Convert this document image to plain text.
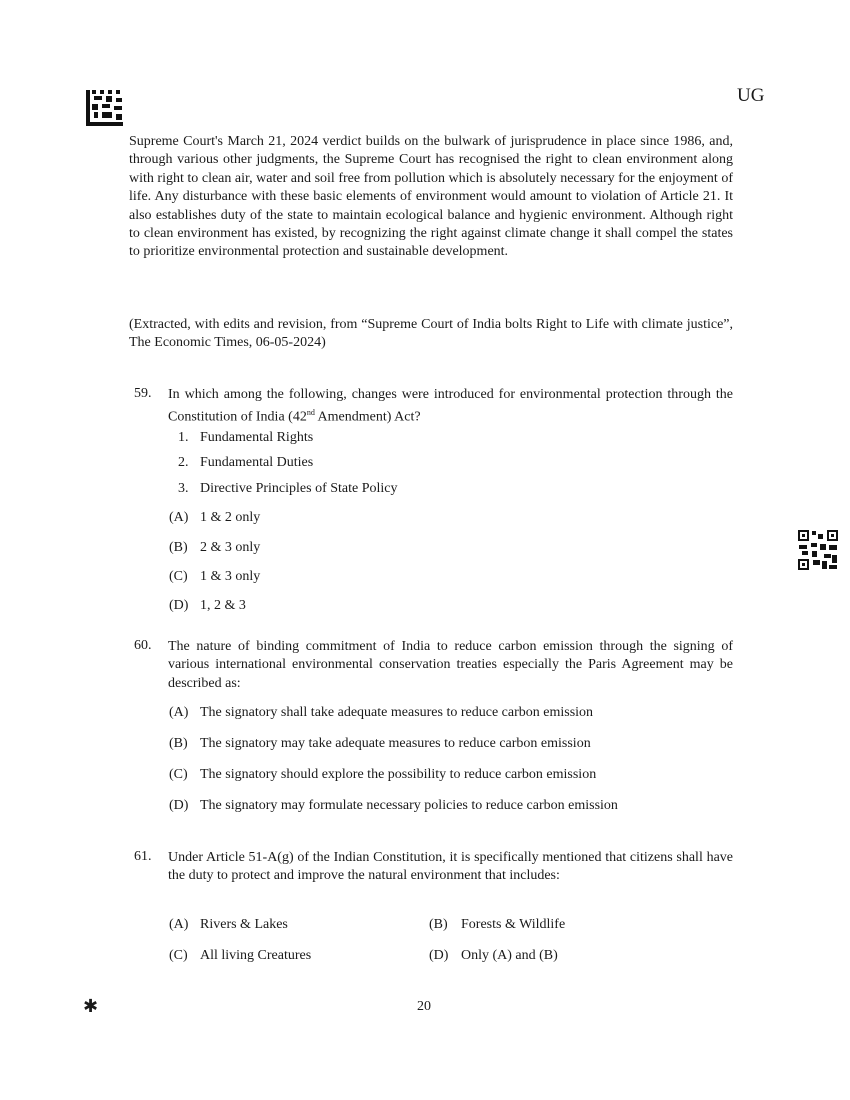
UG
Supreme Court's March 21, 2024 verdict builds on the bulwark of jurisprudence in place since 1986, and, through various other judgments, the Supreme Court has recognised the right to clean environment along with right to clean air, water and soil free from pollution which is absolutely necessary for the enjoyment of life. Any disturbance with these basic elements of environment would amount to violation of Article 21. It also establishes duty of the state to maintain ecological balance and hygienic environment. Although right to clean environment has existed, by recognizing the right against climate change it shall compel the states to prioritize environmental protection and sustainable development.
(Extracted, with edits and revision, from “Supreme Court of India bolts Right to Life with climate justice”, The Economic Times, 06-05-2024)
59. In which among the following, changes were introduced for environmental protection through the Constitution of India (42nd Amendment) Act?
1. Fundamental Rights
2. Fundamental Duties
3. Directive Principles of State Policy
(A) 1 & 2 only
(B) 2 & 3 only
(C) 1 & 3 only
(D) 1, 2 & 3
60. The nature of binding commitment of India to reduce carbon emission through the signing of various international environmental conservation treaties especially the Paris Agreement may be described as:
(A) The signatory shall take adequate measures to reduce carbon emission
(B) The signatory may take adequate measures to reduce carbon emission
(C) The signatory should explore the possibility to reduce carbon emission
(D) The signatory may formulate necessary policies to reduce carbon emission
61. Under Article 51-A(g) of the Indian Constitution, it is specifically mentioned that citizens shall have the duty to protect and improve the natural environment that includes:
(A) Rivers & Lakes	(B) Forests & Wildlife
(C) All living Creatures	(D) Only (A) and (B)
✱	20
